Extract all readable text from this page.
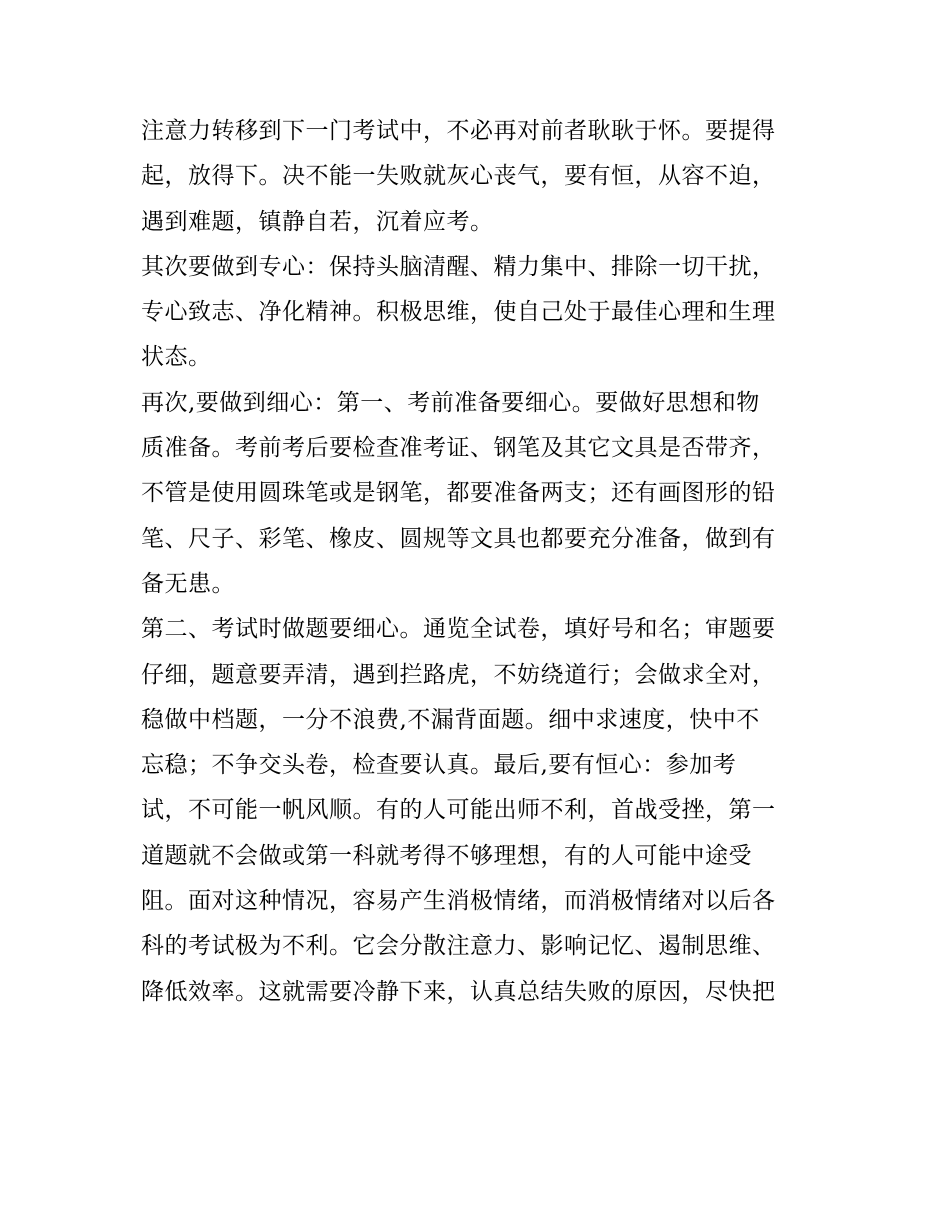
注意力转移到下一门考试中，不必再对前者耿耿于怀。要提得
起，放得下。决不能一失败就灰心丧气，要有恒，从容不迫，
遇到难题，镇静自若，沉着应考。
其次要做到专心：保持头脑清醒、精力集中、排除一切干扰，
专心致志、净化精神。积极思维，使自己处于最佳心理和生理
状态。
再次,要做到细心：第一、考前准备要细心。要做好思想和物
质准备。考前考后要检查准考证、钢笔及其它文具是否带齐，
不管是使用圆珠笔或是钢笔，都要准备两支；还有画图形的铅
笔、尺子、彩笔、橡皮、圆规等文具也都要充分准备，做到有
备无患。
第二、考试时做题要细心。通览全试卷，填好号和名；审题要
仔细，题意要弄清，遇到拦路虎，不妨绕道行；会做求全对，
稳做中档题，一分不浪费,不漏背面题。细中求速度，快中不
忘稳；不争交头卷，检查要认真。最后,要有恒心：参加考
试，不可能一帆风顺。有的人可能出师不利，首战受挫，第一
道题就不会做或第一科就考得不够理想，有的人可能中途受
阻。面对这种情况，容易产生消极情绪，而消极情绪对以后各
科的考试极为不利。它会分散注意力、影响记忆、遏制思维、
降低效率。这就需要冷静下来，认真总结失败的原因，尽快把
